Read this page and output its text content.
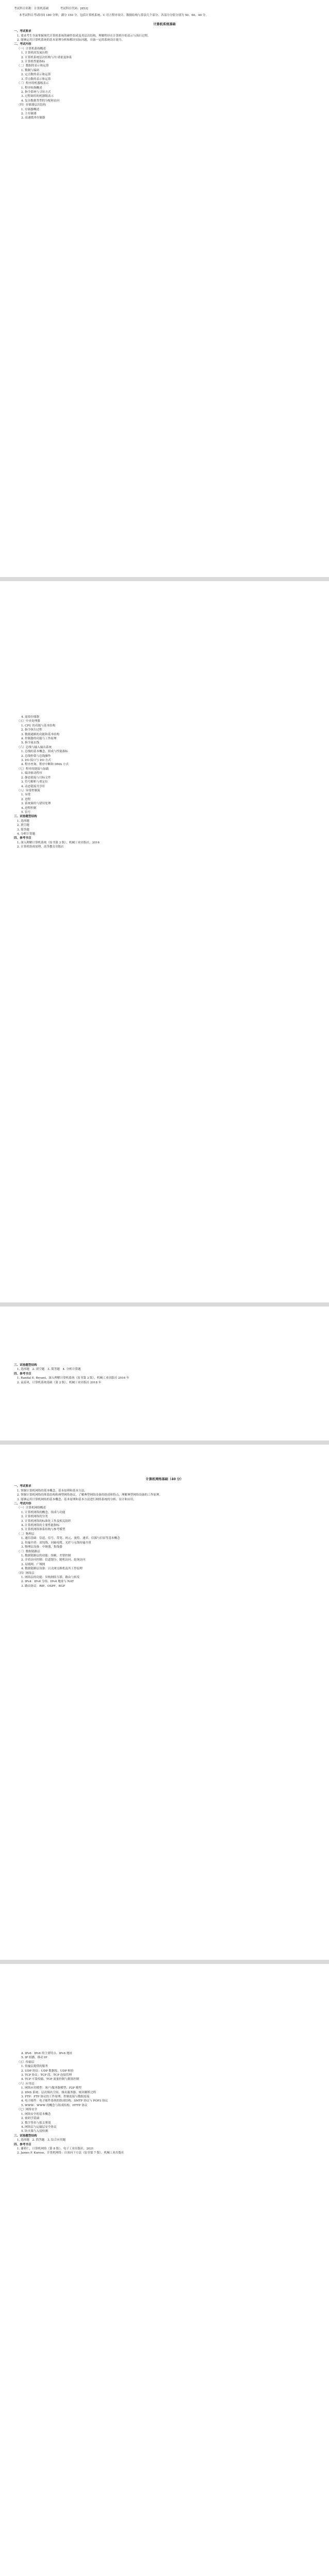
考试科目名称：计算机基础　　　　考试科目代码：[853]
本考试科目考试时间 180 分钟，满分 150 分，包括计算机系统、C 语言程序设计、数据结构与算法几个部分，各部分分值分别为 50、60、40 分。
计算机系统基础
一、考试要求
1. 要求考生全面掌握现代计算机系统的硬件组成及其层次结构，理解程序在计算机中的表示与执行过程。
2. 能够运用计算机系统的基本原理分析和解决实际问题，具备一定的系统设计能力。
二、考试内容
（一）计算机系统概述
1. 计算机的发展历程
2. 计算机系统层次结构与冯·诺依曼体系
3. 计算机性能指标
（二）数据的表示和运算
1. 数制与编码
2. 定点数的表示和运算
3. 浮点数的表示和运算
（三）程序的机器级表示
1. 程序转换概述
2. 指令系统与寻址方式
3. 过程调用的机器级表示
4. 复杂数据类型的分配和访问
（四）存储器层次结构
1. 存储器概述
2. 主存储器
3. 高速缓冲存储器
4. 虚拟存储器
（五）中央处理器
1. CPU 的功能与基本结构
2. 指令执行过程
3. 数据通路的功能和基本结构
4. 控制器的功能与工作原理
5. 指令流水线
（六）总线与输入输出系统
1. 总线的基本概念、组成与性能指标
2. 总线仲裁与总线操作
3. I/O 接口与 I/O 方式
4. 程序查询、程序中断和 DMA 方式
（七）程序的链接与加载
1. 编译驱动程序
2. 静态链接与目标文件
3. 符号解析与重定位
4. 动态链接共享库
（八）异常控制流
1. 异常
2. 进程
3. 系统调用与错误处理
4. 进程控制
5. 信号
三、试卷题型结构
1. 选择题
2. 填空题
3. 简答题
4. 分析计算题
四、参考书目
1. 深入理解计算机系统（原书第 3 版），机械工业出版社，2016
2. 计算机组成原理，高等教育出版社
三、试卷题型结构
1. 选择题　2. 填空题　3. 简答题　4. 分析计算题
四、参考书目
1. Randal E. Bryant，深入理解计算机系统（原书第 3 版），机械工业出版社 2016 年
2. 袁春风，计算机系统基础（第 2 版），机械工业出版社 2018 年
计算机网络基础（40 分）
一、考试要求
1. 掌握计算机网络的基本概念、基本原理和基本方法。
2. 掌握计算机网络的体系结构和典型网络协议，了解典型网络设备的组成和特点，理解典型网络设备的工作原理。
3. 能够运用计算机网络的基本概念、基本原理和基本方法进行网络系统的分析、设计和应用。
二、考试内容
（一）计算机网络概述
1. 计算机网络的概念、组成与功能
2. 计算机网络的分类
3. 计算机网络的标准化工作及相关组织
4. 计算机网络的主要性能指标
5. 计算机网络体系结构与参考模型
（二）物理层
1. 通信基础：信道、信号、带宽、码元、波特、速率、信源与信宿等基本概念
2. 传输介质：双绞线、同轴电缆、光纤与无线传输介质
3. 物理层设备：中继器、集线器
（三）数据链路层
1. 数据链路层的功能：组帧、差错控制
2. 介质访问控制：信道划分、随机访问、轮询访问
3. 局域网、广域网
4. 数据链路层设备：以太网交换机及其工作原理
（四）网络层
1. 网络层的功能：异构网络互联、路由与转发
2. IPv4：IPv4 分组、IPv4 地址与 NAT
3. 路由协议：RIP、OSPF、BGP
4. IPv6：IPv6 的主要特点、IPv6 地址
5. IP 组播、移动 IP
（五）传输层
1. 传输层提供的服务
2. UDP 协议：UDP 数据报、UDP 校验
3. TCP 协议：TCP 段、TCP 连接管理
4. TCP 可靠传输、TCP 流量控制与拥塞控制
（六）应用层
1. 网络应用模型：客户/服务器模型、P2P 模型
2. DNS 系统：层次域名空间、域名服务器、域名解析过程
3. FTP：FTP 协议的工作原理、控制连接与数据连接
4. 电子邮件：电子邮件系统的组成结构、SMTP 协议与 POP3 协议
5. WWW：WWW 的概念与组成结构、HTTP 协议
（七）网络安全
1. 网络安全的基本概念
2. 密码学基础
3. 数字签名与报文鉴别
4. 网络层与运输层安全协议
5. 防火墙与入侵检测
三、试卷题型结构
1. 选择题　2. 简答题　3. 综合应用题
四、参考书目
1. 谢希仁，计算机网络（第 8 版），电子工业出版社，2021
2. James F. Kurose，计算机网络：自顶向下方法（原书第 7 版），机械工业出版社
